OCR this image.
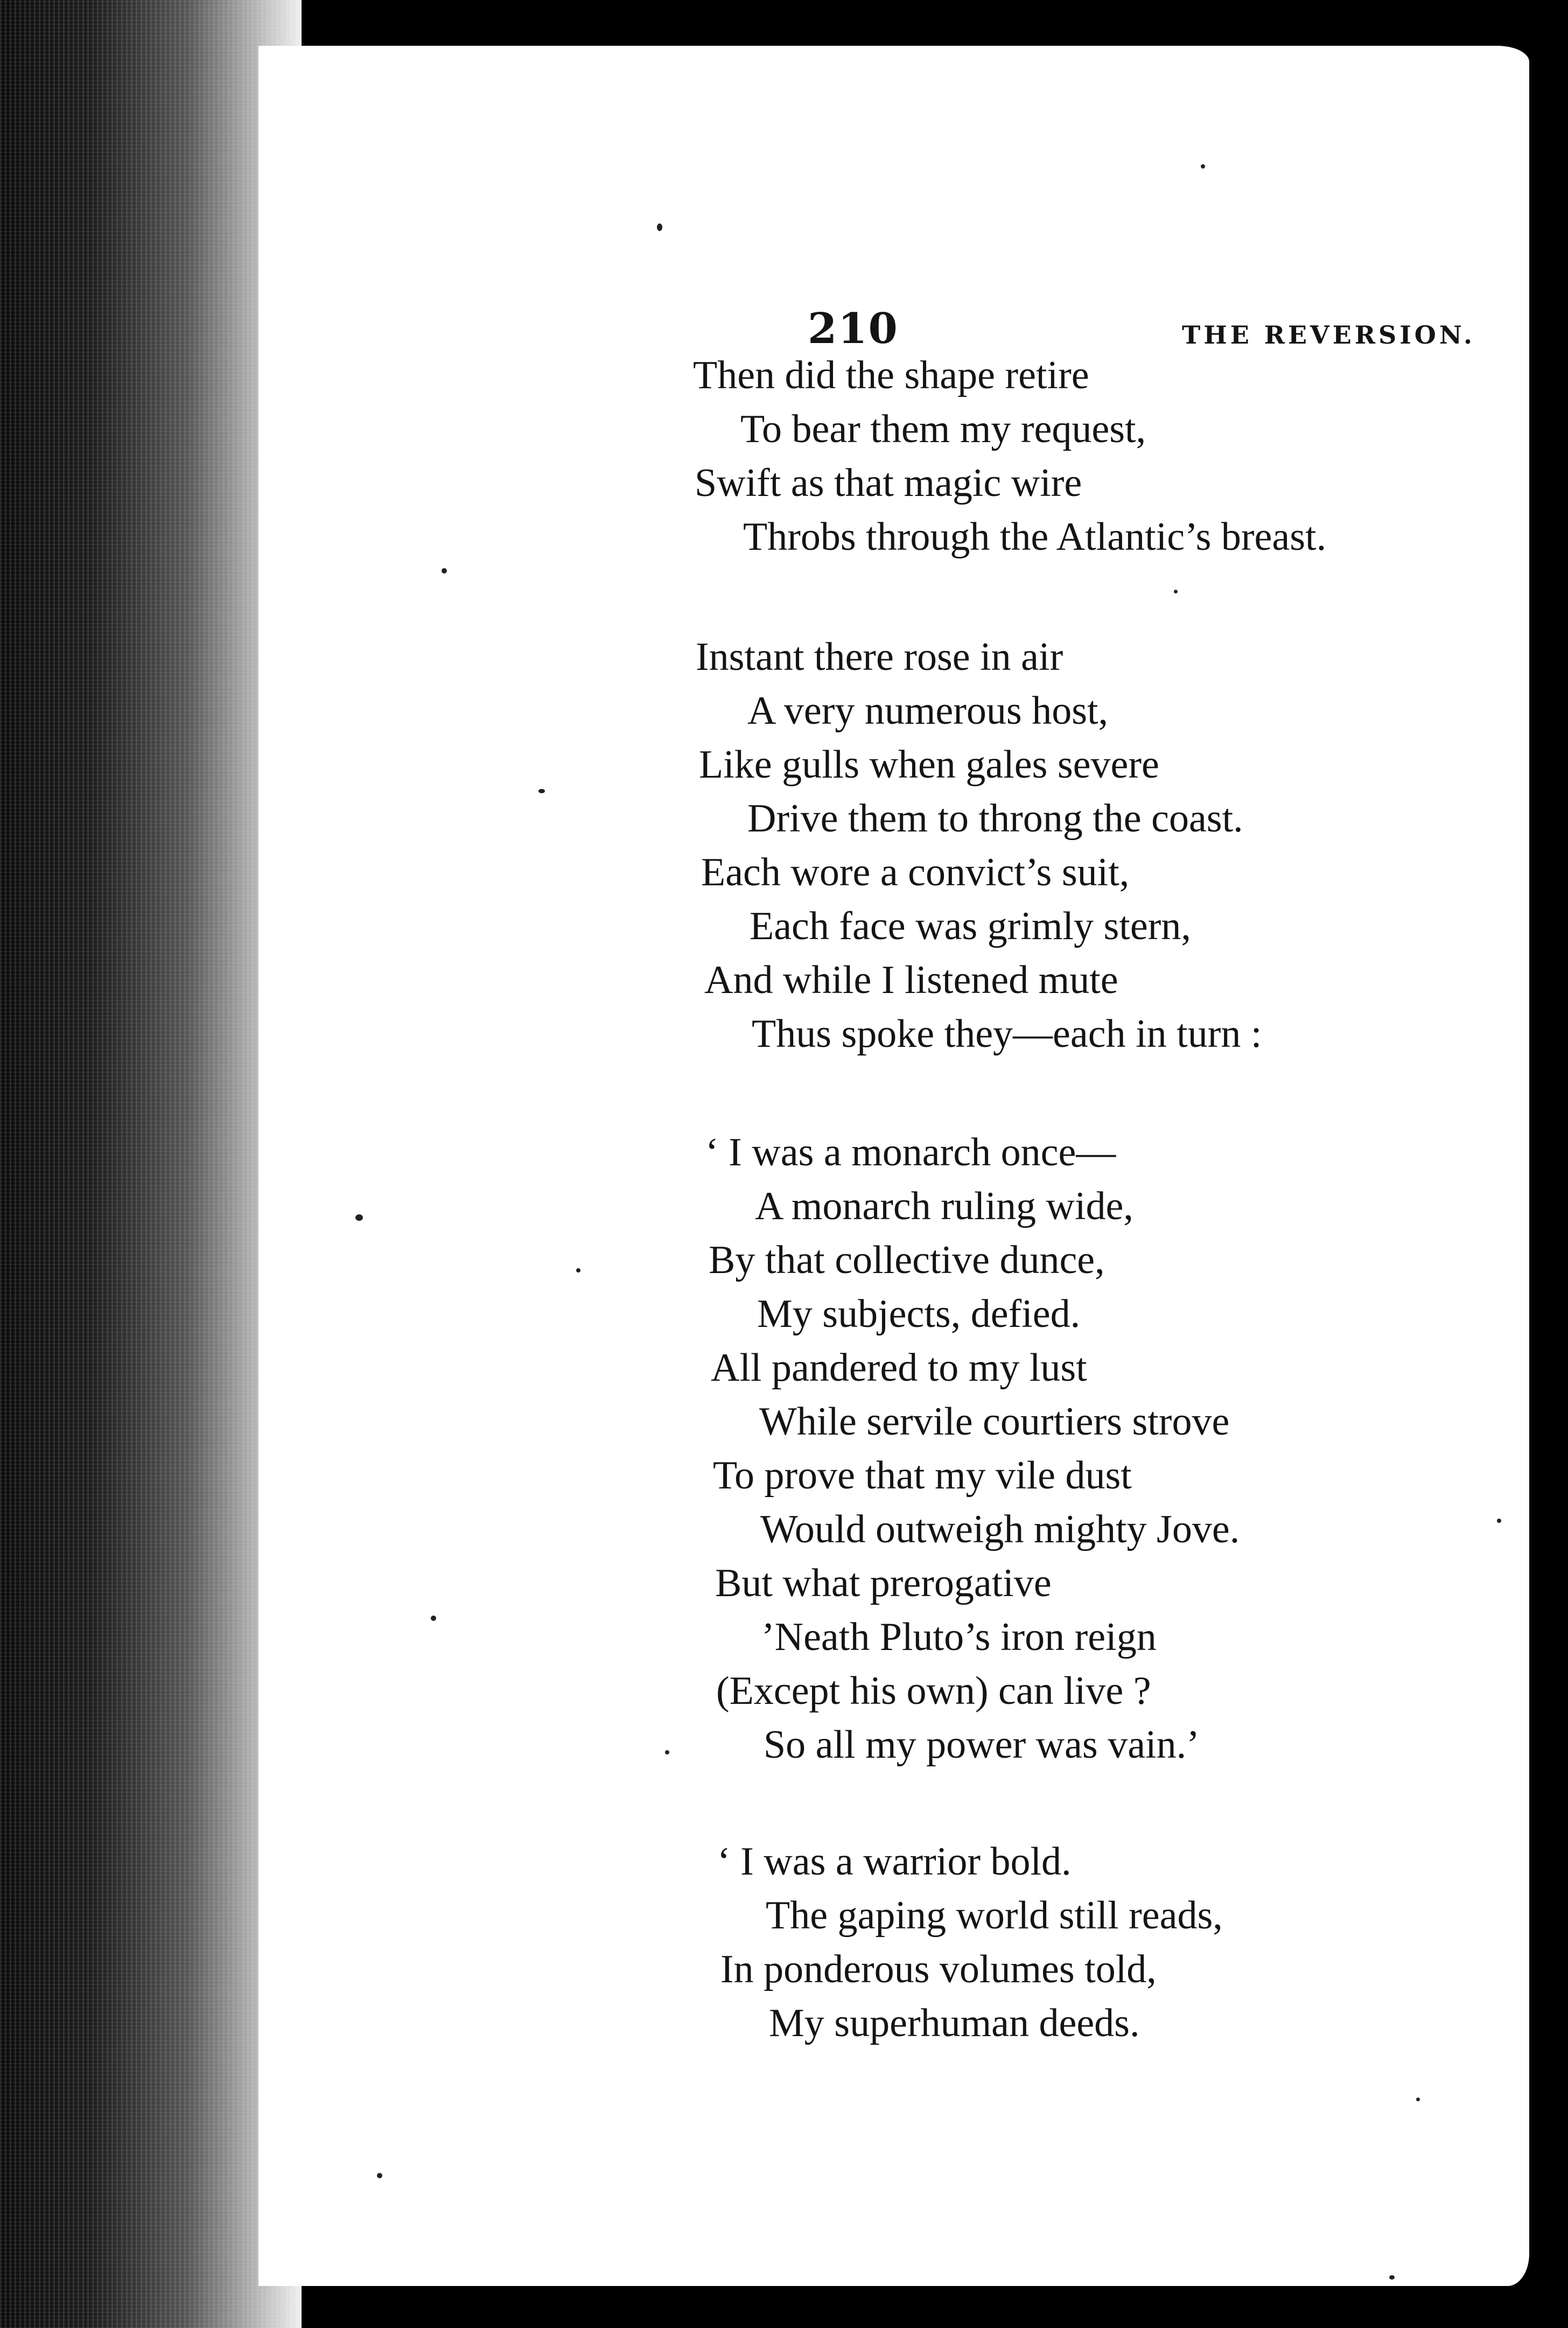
210	THE REVERSION.
Then did the shape retire
To bear them my request,
Swift as that magic wire
Throbs through the Atlantic’s breast.
Instant there rose in air
A very numerous host,
Like gulls when gales severe
Drive them to throng the coast.
Each wore a convict’s suit,
Each face was grimly stern,
And while I listened mute
Thus spoke they—each in turn :
‘ I was a monarch once—
A monarch ruling wide,
By that collective dunce,
My subjects, defied.
All pandered to my lust
While servile courtiers strove
To prove that my vile dust
Would outweigh mighty Jove.
But what prerogative
’Neath Pluto’s iron reign
(Except his own) can live ?
So all my power was vain.’
‘ I was a warrior bold.
The gaping world still reads,
In ponderous volumes told,
My superhuman deeds.
